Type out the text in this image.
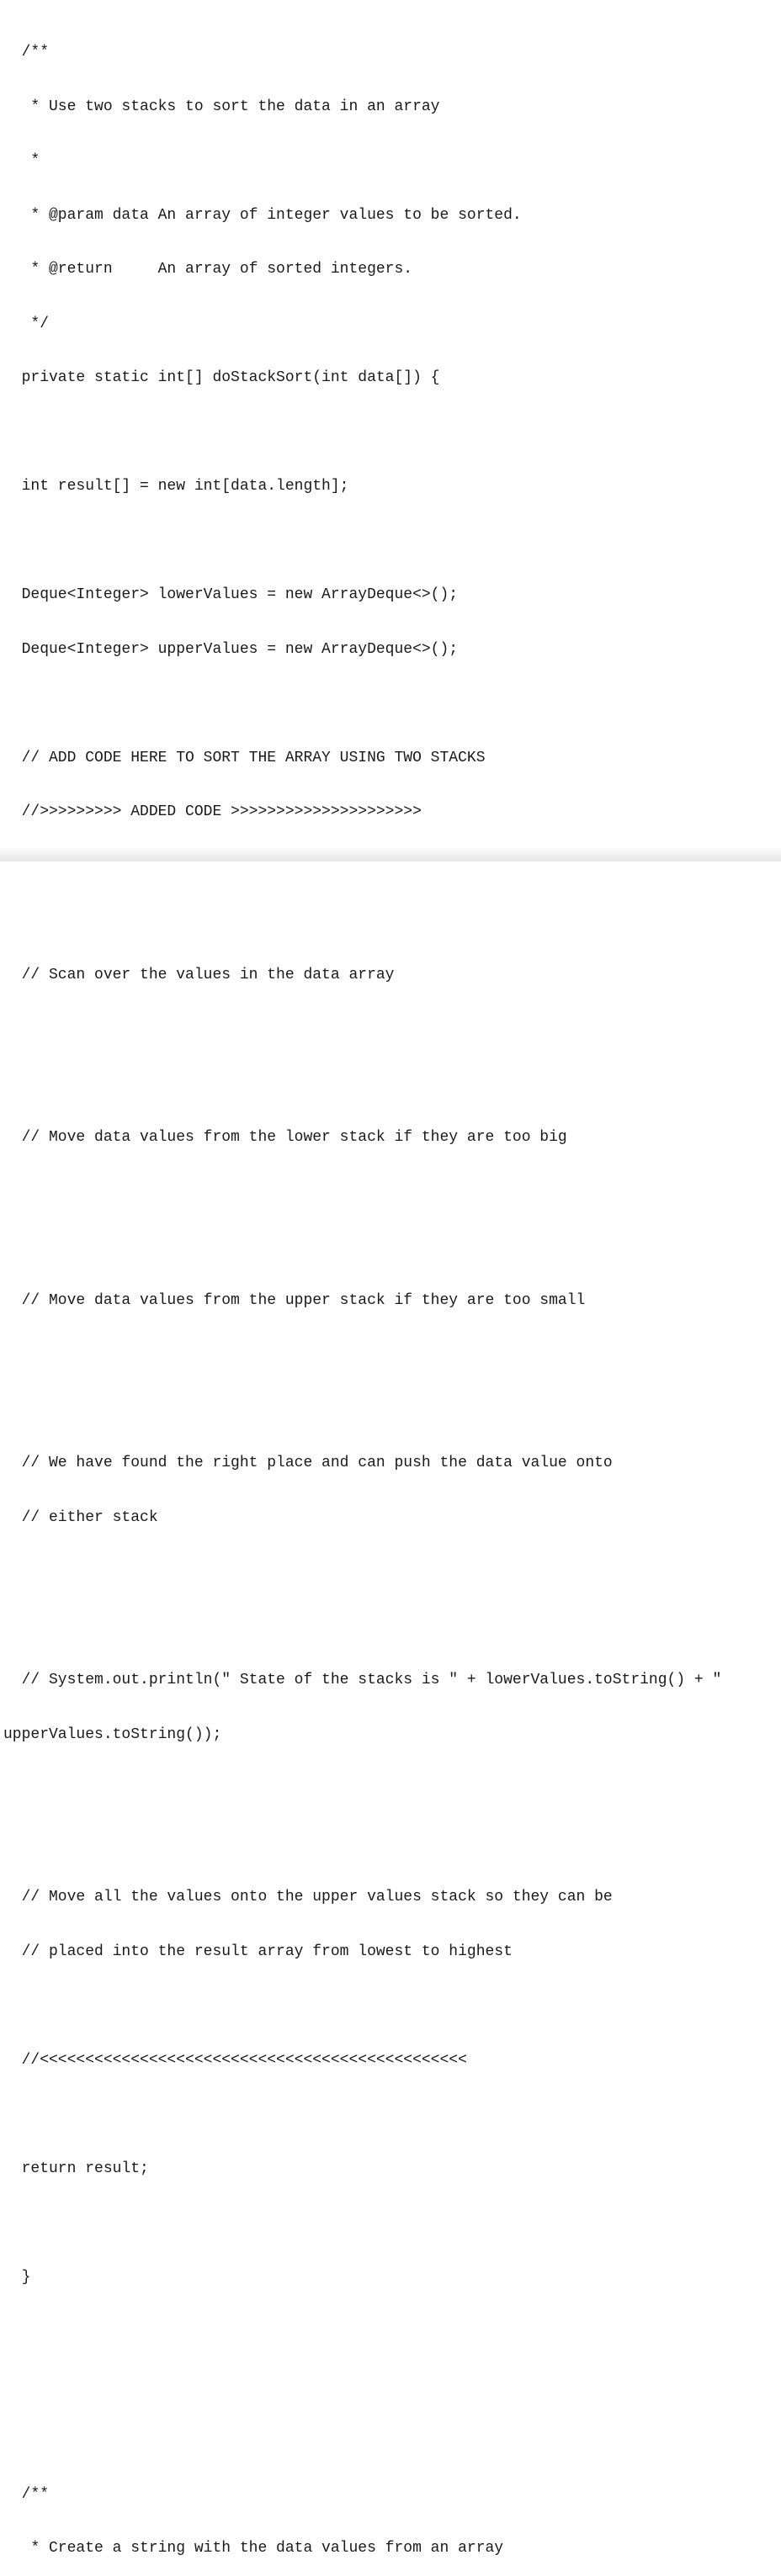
/**

* Use two stacks to sort the data in an array

*

* @param data An array of integer values to be sorted.

* @return     An array of sorted integers.

*/

private static int[] doStackSort(int data[]) {

int result[] = new int[data.length];

Deque<Integer> lowerValues = new ArrayDeque<>();

Deque<Integer> upperValues = new ArrayDeque<>();

// ADD CODE HERE TO SORT THE ARRAY USING TWO STACKS

//>>>>>>>>> ADDED CODE >>>>>>>>>>>>>>>>>>>>>

// Scan over the values in the data array

// Move data values from the lower stack if they are too big

// Move data values from the upper stack if they are too small

// We have found the right place and can push the data value onto

// either stack

// System.out.println(" State of the stacks is " + lowerValues.toString() + "

upperValues.toString());

// Move all the values onto the upper values stack so they can be

// placed into the result array from lowest to highest

//<<<<<<<<<<<<<<<<<<<<<<<<<<<<<<<<<<<<<<<<<<<<<<<

return result;

}

/**

* Create a string with the data values from an array
